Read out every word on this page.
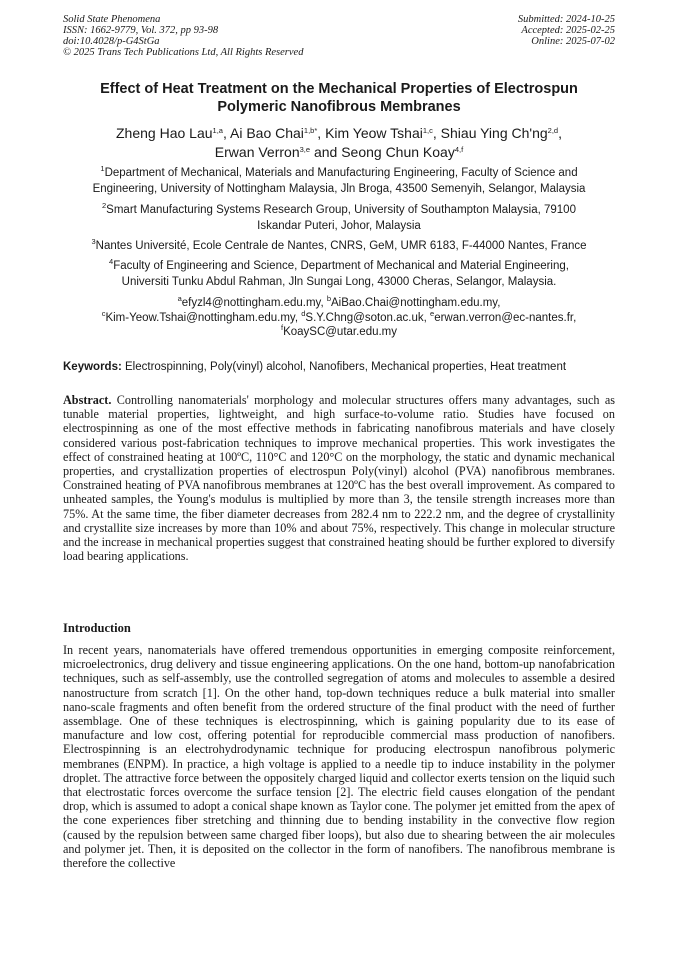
Solid State Phenomena
ISSN: 1662-9779, Vol. 372, pp 93-98
doi:10.4028/p-G4StGa
© 2025 Trans Tech Publications Ltd, All Rights Reserved
Submitted: 2024-10-25
Accepted: 2025-02-25
Online: 2025-07-02
Effect of Heat Treatment on the Mechanical Properties of Electrospun
Polymeric Nanofibrous Membranes
Zheng Hao Lau$^{1,a}$, Ai Bao Chai$^{1,b*}$, Kim Yeow Tshai$^{1,c}$, Shiau Ying Ch'ng$^{2,d}$,
Erwan Verron$^{3,e}$ and Seong Chun Koay$^{4,f}$
$^1$Department of Mechanical, Materials and Manufacturing Engineering, Faculty of Science and
Engineering, University of Nottingham Malaysia, Jln Broga, 43500 Semenyih, Selangor, Malaysia
$^2$Smart Manufacturing Systems Research Group, University of Southampton Malaysia, 79100
Iskandar Puteri, Johor, Malaysia
$^3$Nantes Université, Ecole Centrale de Nantes, CNRS, GeM, UMR 6183, F-44000 Nantes, France
$^4$Faculty of Engineering and Science, Department of Mechanical and Material Engineering,
Universiti Tunku Abdul Rahman, Jln Sungai Long, 43000 Cheras, Selangor, Malaysia.
$^a$efyzl4@nottingham.edu.my, $^b$AiBao.Chai@nottingham.edu.my,
$^c$Kim-Yeow.Tshai@nottingham.edu.my, $^d$S.Y.Chng@soton.ac.uk, $^e$erwan.verron@ec-nantes.fr,
$^f$KoaySC@utar.edu.my
Keywords: Electrospinning, Poly(vinyl) alcohol, Nanofibers, Mechanical properties, Heat treatment
Abstract. Controlling nanomaterials' morphology and molecular structures offers many advantages, such as tunable material properties, lightweight, and high surface-to-volume ratio. Studies have focused on electrospinning as one of the most effective methods in fabricating nanofibrous materials and have closely considered various post-fabrication techniques to improve mechanical properties. This work investigates the effect of constrained heating at 100ºC, 110°C and 120°C on the morphology, the static and dynamic mechanical properties, and crystallization properties of electrospun Poly(vinyl) alcohol (PVA) nanofibrous membranes. Constrained heating of PVA nanofibrous membranes at 120ºC has the best overall improvement. As compared to unheated samples, the Young's modulus is multiplied by more than 3, the tensile strength increases more than 75%. At the same time, the fiber diameter decreases from 282.4 nm to 222.2 nm, and the degree of crystallinity and crystallite size increases by more than 10% and about 75%, respectively. This change in molecular structure and the increase in mechanical properties suggest that constrained heating should be further explored to diversify load bearing applications.
Introduction
In recent years, nanomaterials have offered tremendous opportunities in emerging composite reinforcement, microelectronics, drug delivery and tissue engineering applications. On the one hand, bottom-up nanofabrication techniques, such as self-assembly, use the controlled segregation of atoms and molecules to assemble a desired nanostructure from scratch [1]. On the other hand, top-down techniques reduce a bulk material into smaller nano-scale fragments and often benefit from the ordered structure of the final product with the need of further assemblage. One of these techniques is electrospinning, which is gaining popularity due to its ease of manufacture and low cost, offering potential for reproducible commercial mass production of nanofibers. Electrospinning is an electrohydrodynamic technique for producing electrospun nanofibrous polymeric membranes (ENPM). In practice, a high voltage is applied to a needle tip to induce instability in the polymer droplet. The attractive force between the oppositely charged liquid and collector exerts tension on the liquid such that electrostatic forces overcome the surface tension [2]. The electric field causes elongation of the pendant drop, which is assumed to adopt a conical shape known as Taylor cone. The polymer jet emitted from the apex of the cone experiences fiber stretching and thinning due to bending instability in the convective flow region (caused by the repulsion between same charged fiber loops), but also due to shearing between the air molecules and polymer jet. Then, it is deposited on the collector in the form of nanofibers. The nanofibrous membrane is therefore the collective
